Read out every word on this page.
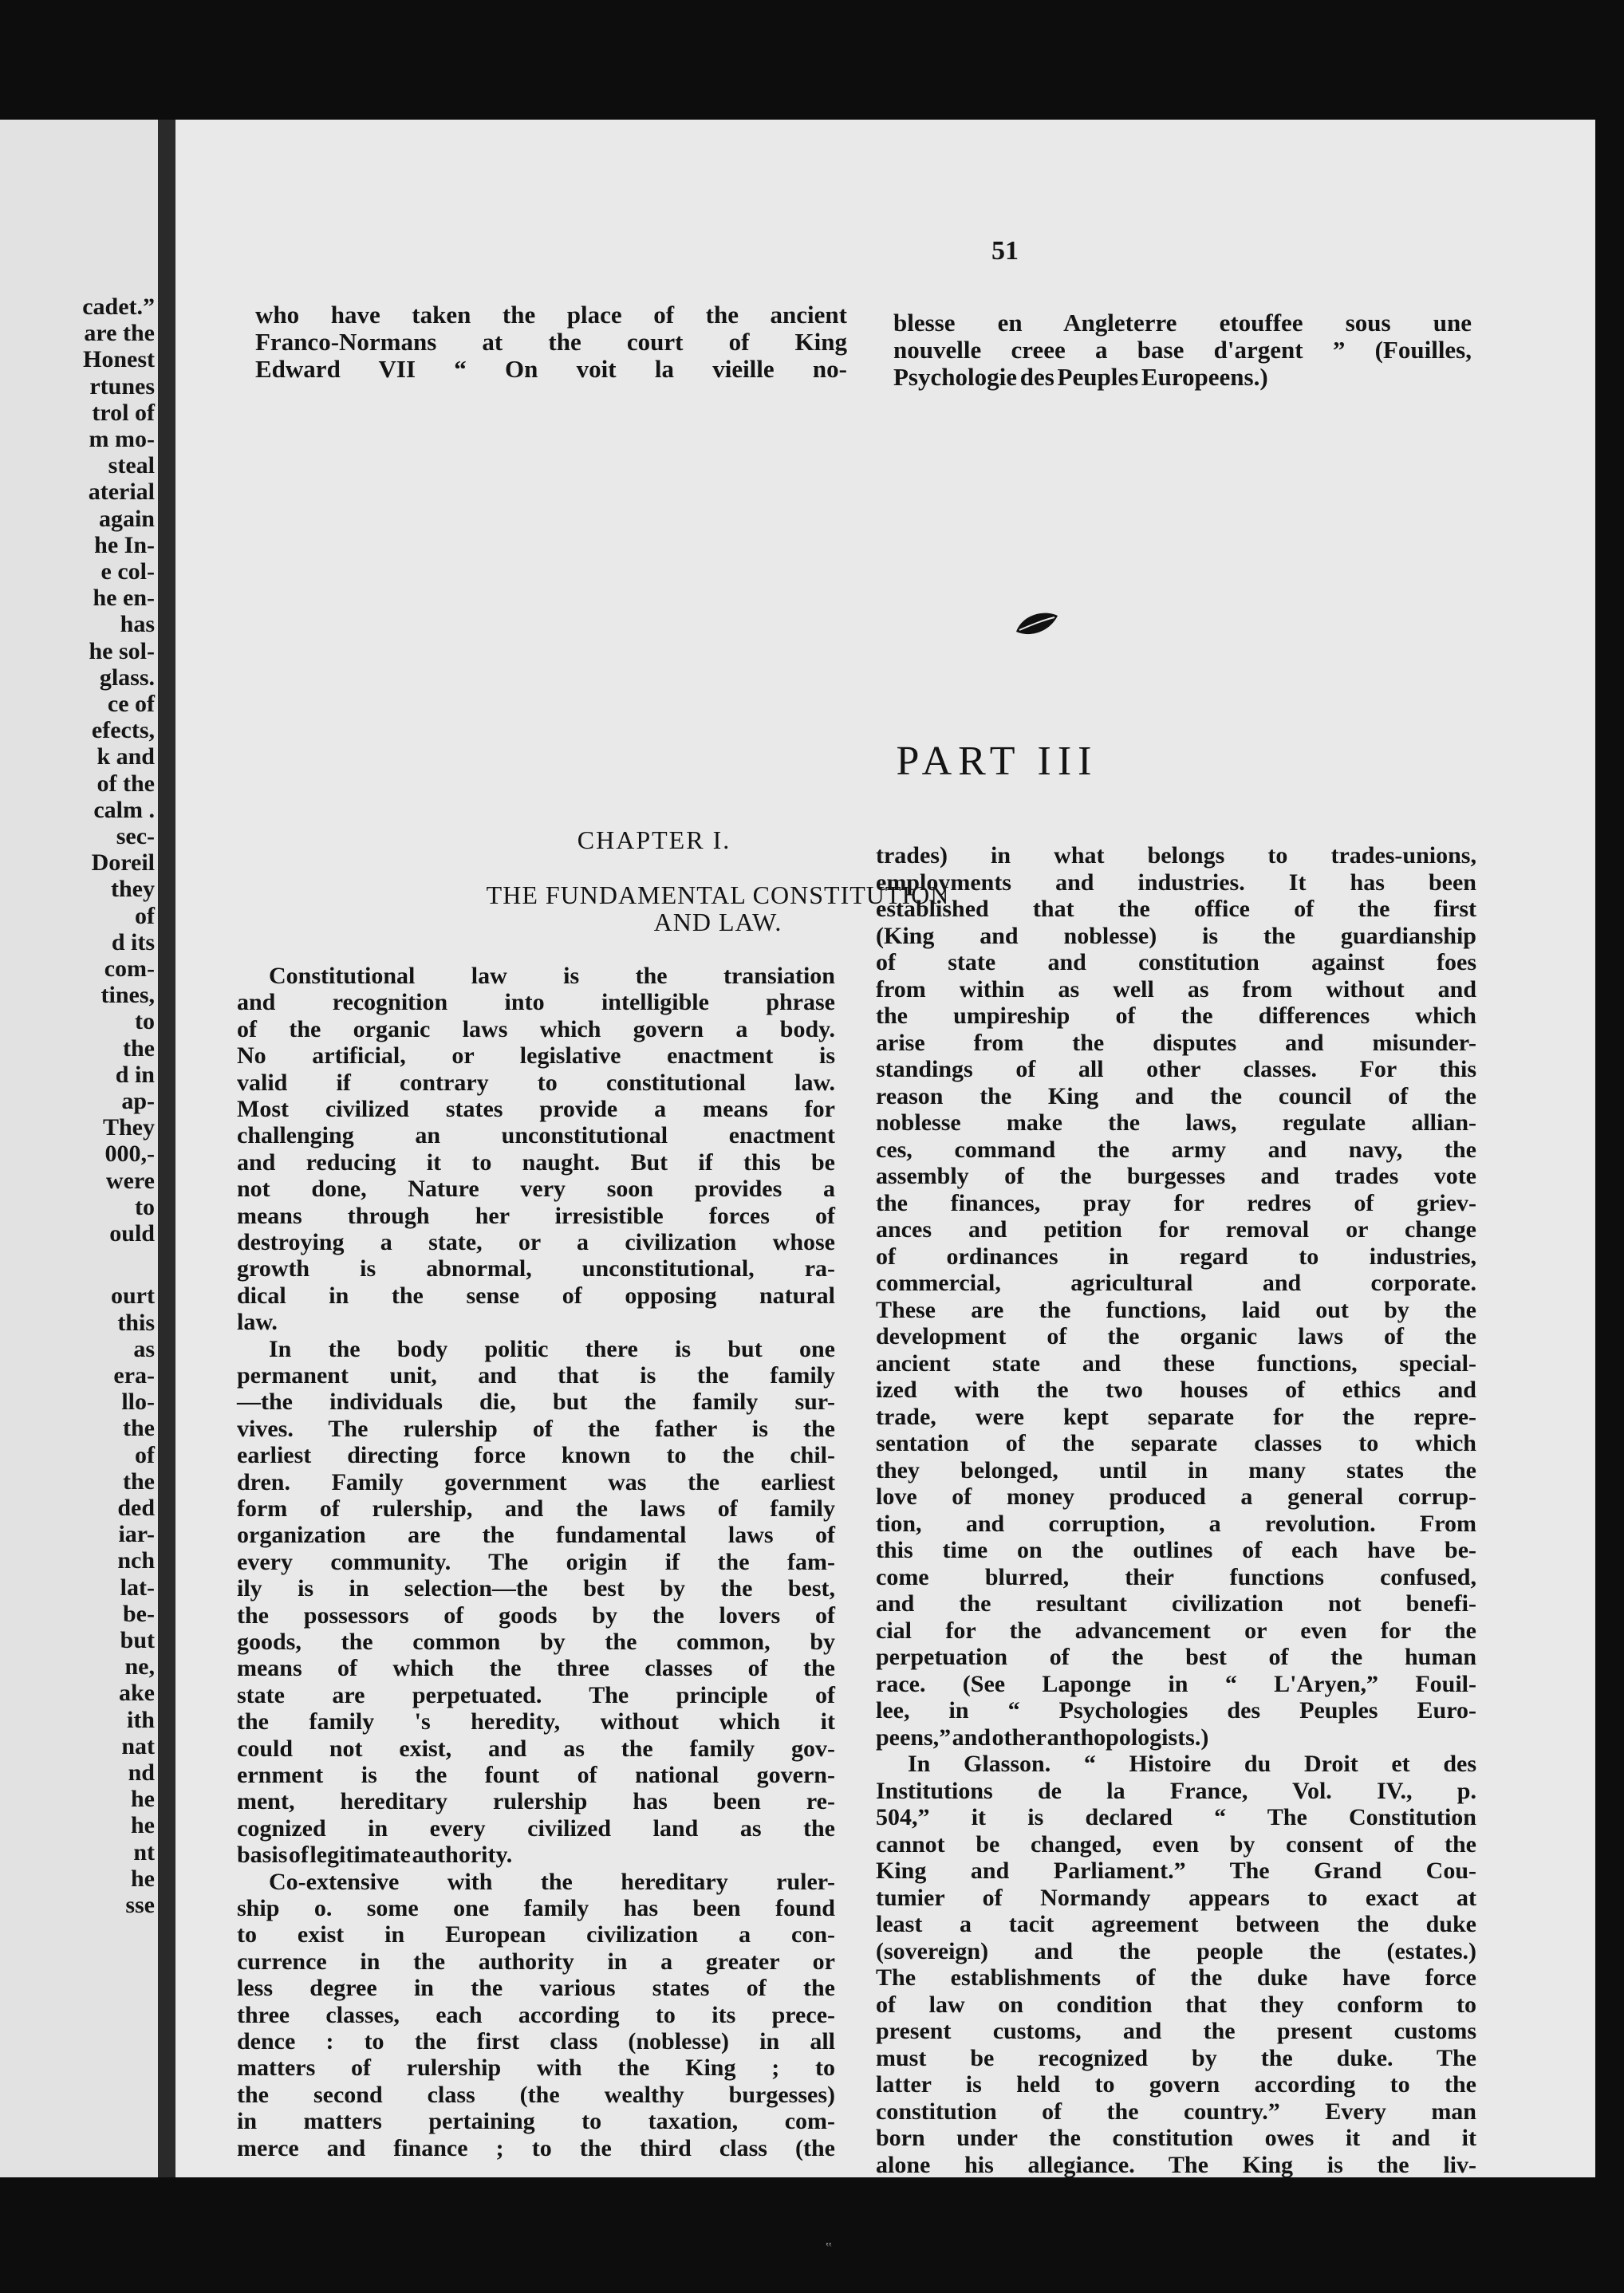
cadet.”
are the
Honest
rtunes
trol of
m mo-
steal
aterial
again
he In-
e col-
he en-
has
he sol-
glass.
ce of
efects,
k and
of the
calm .
sec-
Doreil
they
of
d its
com-
tines,
to
the
d in
ap-
They
000,-
were
to
ould
ourt
this
as
era-
llo-
the
of
the
ded
iar-
nch
lat-
be-
but
ne,
ake
ith
nat
nd
he
he
nt
he
sse
51
who have taken the place of the ancient
Franco-Normans at the court of King
Edward VII “ On voit la vieille no-
blesse en Angleterre etouffee sous une
nouvelle creee a base d'argent ” (Fouilles,
Psychologie des Peuples Europeens.)
PART III
CHAPTER I.
THE FUNDAMENTAL CONSTITUTION
AND LAW.
Constitutional law is the transiation
and recognition into intelligible phrase
of the organic laws which govern a body.
No artificial, or legislative enactment is
valid if contrary to constitutional law.
Most civilized states provide a means for
challenging an unconstitutional enactment
and reducing it to naught. But if this be
not done, Nature very soon provides a
means through her irresistible forces of
destroying a state, or a civilization whose
growth is abnormal, unconstitutional, ra-
dical in the sense of opposing natural
law.
In the body politic there is but one
permanent unit, and that is the family
—the individuals die, but the family sur-
vives. The rulership of the father is the
earliest directing force known to the chil-
dren. Family government was the earliest
form of rulership, and the laws of family
organization are the fundamental laws of
every community. The origin if the fam-
ily is in selection—the best by the best,
the possessors of goods by the lovers of
goods, the common by the common, by
means of which the three classes of the
state are perpetuated. The principle of
the family 's heredity, without which it
could not exist, and as the family gov-
ernment is the fount of national govern-
ment, hereditary rulership has been re-
cognized in every civilized land as the
basis of legitimate authority.
Co-extensive with the hereditary ruler-
ship o. some one family has been found
to exist in European civilization a con-
currence in the authority in a greater or
less degree in the various states of the
three classes, each according to its prece-
dence : to the first class (noblesse) in all
matters of rulership with the King ; to
the second class (the wealthy burgesses)
in matters pertaining to taxation, com-
merce and finance ; to the third class (the
trades) in what belongs to trades-unions,
employments and industries. It has been
established that the office of the first
(King and noblesse) is the guardianship
of state and constitution against foes
from within as well as from without and
the umpireship of the differences which
arise from the disputes and misunder-
standings of all other classes. For this
reason the King and the council of the
noblesse make the laws, regulate allian-
ces, command the army and navy, the
assembly of the burgesses and trades vote
the finances, pray for redres of griev-
ances and petition for removal or change
of ordinances in regard to industries,
commercial, agricultural and corporate.
These are the functions, laid out by the
development of the organic laws of the
ancient state and these functions, special-
ized with the two houses of ethics and
trade, were kept separate for the repre-
sentation of the separate classes to which
they belonged, until in many states the
love of money produced a general corrup-
tion, and corruption, a revolution. From
this time on the outlines of each have be-
come blurred, their functions confused,
and the resultant civilization not benefi-
cial for the advancement or even for the
perpetuation of the best of the human
race. (See Laponge in “ L'Aryen,” Fouil-
lee, in “ Psychologies des Peuples Euro-
peens,” and other anthopologists.)
In Glasson. “ Histoire du Droit et des
Institutions de la France, Vol. IV., p.
504,” it is declared “ The Constitution
cannot be changed, even by consent of the
King and Parliament.” The Grand Cou-
tumier of Normandy appears to exact at
least a tacit agreement between the duke
(sovereign) and the people the (estates.)
The establishments of the duke have force
of law on condition that they conform to
present customs, and the present customs
must be recognized by the duke. The
latter is held to govern according to the
constitution of the country.” Every man
born under the constitution owes it and it
alone his allegiance. The King is the liv-
‟
